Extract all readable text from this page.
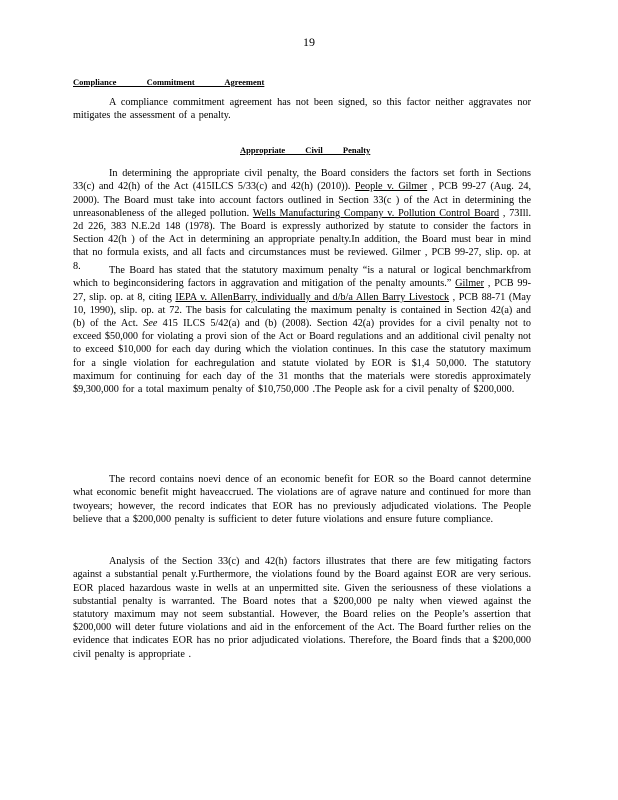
19
Compliance Commitment Agreement

A compliance commitment agreement has not been signed, so this factor neither aggravates nor mitigates the assessment of a penalty.

Appropriate Civil Penalty

In determining the appropriate civil penalty, the Board considers the factors set forth in Sections 33(c) and 42(h) of the Act (415ILCS 5/33(c) and 42(h) (2010)). People v. Gilmer , PCB 99-27 (Aug. 24, 2000). The Board must take into account factors outlined in Section 33(c ) of the Act in determining the unreasonableness of the alleged pollution. Wells Manufacturing Company v. Pollution Control Board , 73Ill. 2d 226, 383 N.E.2d 148 (1978). The Board is expressly authorized by statute to consider the factors in Section 42(h ) of the Act in determining an appropriate penalty.In addition, the Board must bear in mind that no formula exists, and all facts and circumstances must be reviewed. Gilmer , PCB 99-27, slip. op. at 8.	The Board has stated that the statutory maximum penalty “is a natural or logical benchmarkfrom which to beginconsidering factors in aggravation and mitigation of the penalty amounts.” Gilmer , PCB 99-27, slip. op. at 8, citing IEPA v. AllenBarry, individually and d/b/a Allen Barry Livestock , PCB 88-71 (May 10, 1990), slip. op. at 72. The basis for calculating the maximum penalty is contained in Section 42(a) and (b) of the Act. See 415 ILCS 5/42(a) and (b) (2008). Section 42(a) provides for a civil penalty not to exceed $50,000 for violating a provi sion of the Act or Board regulations and an additional civil penalty not to exceed $10,000 for each day during which the violation continues. In this case the statutory maximum for a single violation for eachregulation and statute violated by EOR is $1,4 50,000. The statutory maximum for continuing for each day of the 31 months that the materials were storedis approximately $9,300,000 for a total maximum penalty of $10,750,000 .The People ask for a civil penalty of $200,000.

The record contains noevi dence of an economic benefit for EOR so the Board cannot determine what economic benefit might haveaccrued. The violations are of agrave nature and continued for more than twoyears; however, the record indicates that EOR has no previously adjudicated violations. The People believe that a $200,000 penalty is sufficient to deter future violations and ensure future compliance.

Analysis of the Section 33(c) and 42(h) factors illustrates that there are few mitigating factors against a substantial penalt y.Furthermore, the violations found by the Board against EOR are very serious. EOR placed hazardous waste in wells at an unpermitted site. Given the seriousness of these violations a substantial penalty is warranted. The Board notes that a $200,000 pe nalty when viewed against the statutory maximum may not seem substantial. However, the Board relies on the People’s assertion that $200,000 will deter future violations and aid in the enforcement of the Act. The Board further relies on the evidence that indicates EOR has no prior adjudicated violations. Therefore, the Board finds that a $200,000 civil penalty is appropriate .
